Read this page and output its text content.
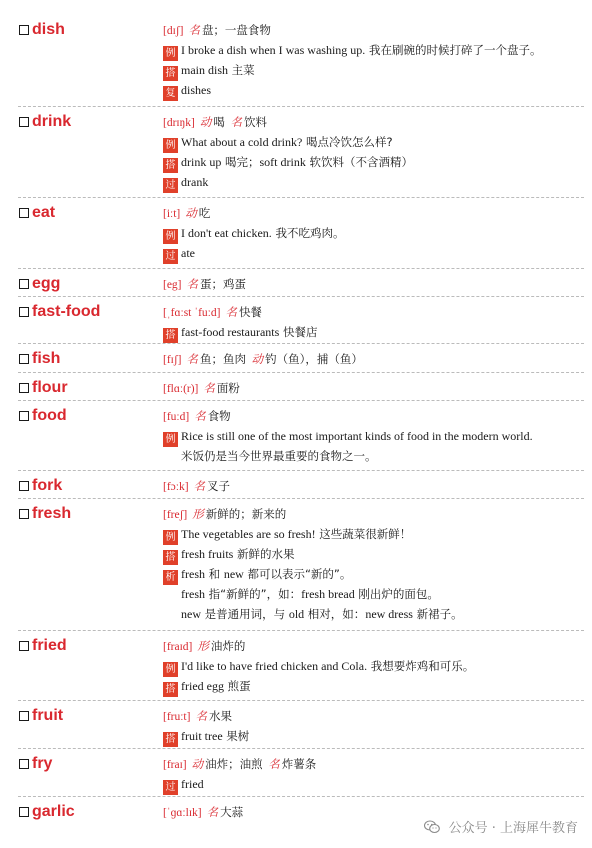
dish	[dɪʃ] 名 盘；一盘食物
例 I broke a dish when I was washing up. 我在刷碗的时候打碎了一个盘子。
搭 main dish 主菜
复 dishes
drink	[drɪŋk] 动 喝 名 饮料
例 What about a cold drink? 喝点冷饮怎么样?
搭 drink up 喝完；soft drink 软饮料（不含酒精）
过 drank
eat	[iːt] 动 吃
例 I don't eat chicken. 我不吃鸡肉。
过 ate
egg	[eg] 名 蛋；鸡蛋
fast-food	[ˌfɑːst ˈfuːd] 名 快餐
搭 fast-food restaurants 快餐店
fish	[fɪʃ] 名 鱼；鱼肉 动 钓（鱼），捕（鱼）
flour	[flɑː(r)] 名 面粉
food	[fuːd] 名 食物
例 Rice is still one of the most important kinds of food in the modern world.
米饭仍是当今世界最重要的食物之一。
fork	[fɔːk] 名 叉子
fresh	[freʃ] 形 新鲜的；新来的
例 The vegetables are so fresh! 这些蔬菜很新鲜！
搭 fresh fruits 新鲜的水果
析 fresh 和 new 都可以表示“新的”。
fresh 指“新鲜的”，如：fresh bread 刚出炉的面包。
new 是普通用词，与 old 相对，如：new dress 新裙子。
fried	[fraɪd] 形 油炸的
例 I'd like to have fried chicken and Cola. 我想要炸鸡和可乐。
搭 fried egg 煎蛋
fruit	[fruːt] 名 水果
搭 fruit tree 果树
fry	[fraɪ] 动 油炸；油煎 名 炸薯条
过 fried
garlic	[ˈɡɑːlɪk] 名 大蒜
公众号 · 上海犀牛教育
